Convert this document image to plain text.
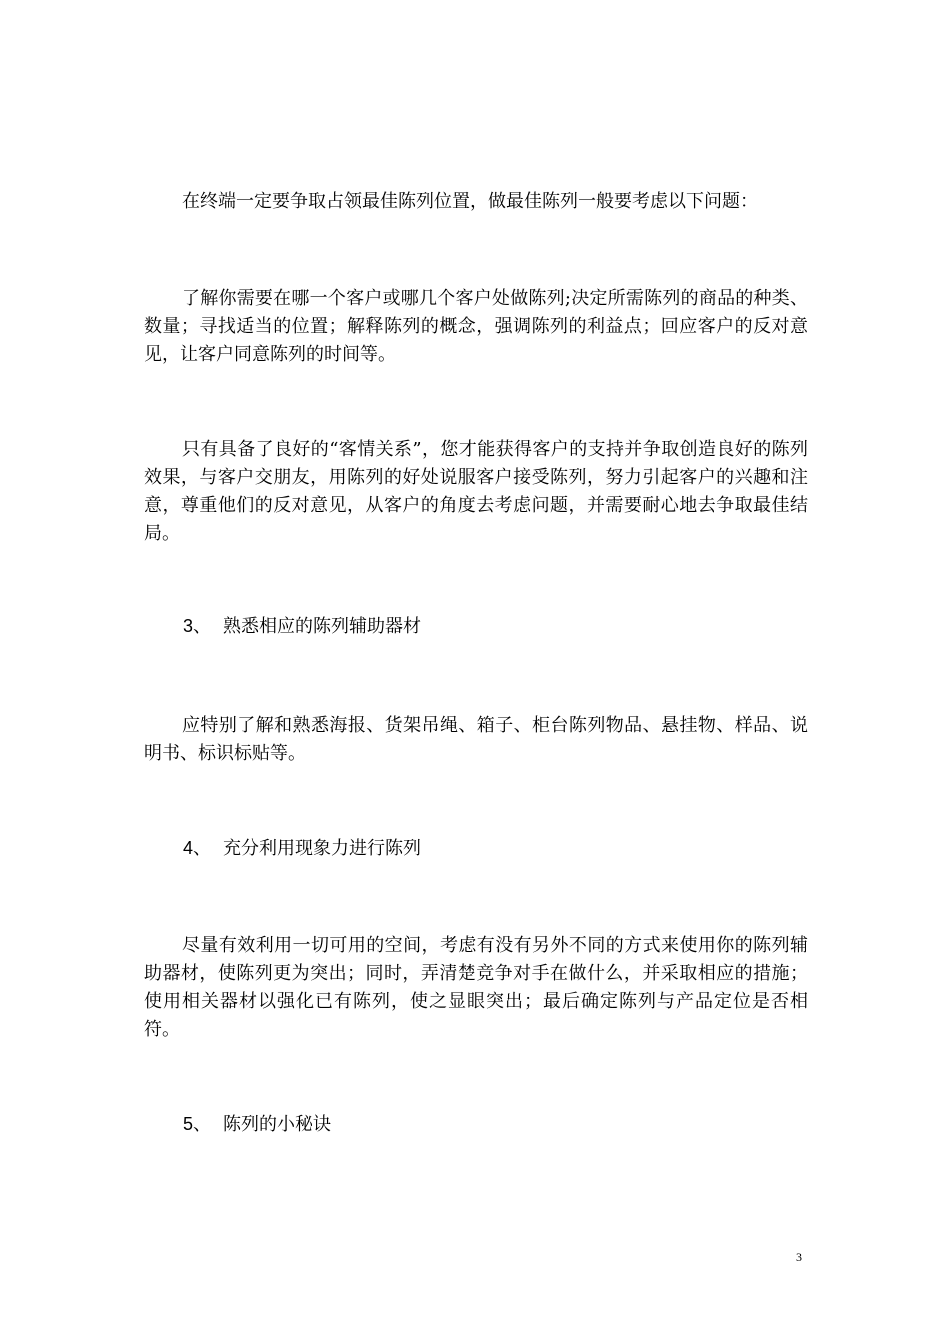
在终端一定要争取占领最佳陈列位置，做最佳陈列一般要考虑以下问题：

了解你需要在哪一个客户或哪几个客户处做陈列;决定所需陈列的商品的种类、数量；寻找适当的位置；解释陈列的概念，强调陈列的利益点；回应客户的反对意见，让客户同意陈列的时间等。

只有具备了良好的“客情关系”，您才能获得客户的支持并争取创造良好的陈列效果，与客户交朋友，用陈列的好处说服客户接受陈列，努力引起客户的兴趣和注意，尊重他们的反对意见，从客户的角度去考虑问题，并需要耐心地去争取最佳结局。

3、 熟悉相应的陈列辅助器材

应特别了解和熟悉海报、货架吊绳、箱子、柜台陈列物品、悬挂物、样品、说明书、标识标贴等。

4、 充分利用现象力进行陈列

尽量有效利用一切可用的空间，考虑有没有另外不同的方式来使用你的陈列辅助器材，使陈列更为突出；同时，弄清楚竞争对手在做什么，并采取相应的措施；使用相关器材以强化已有陈列，使之显眼突出；最后确定陈列与产品定位是否相符。

5、 陈列的小秘诀
3
